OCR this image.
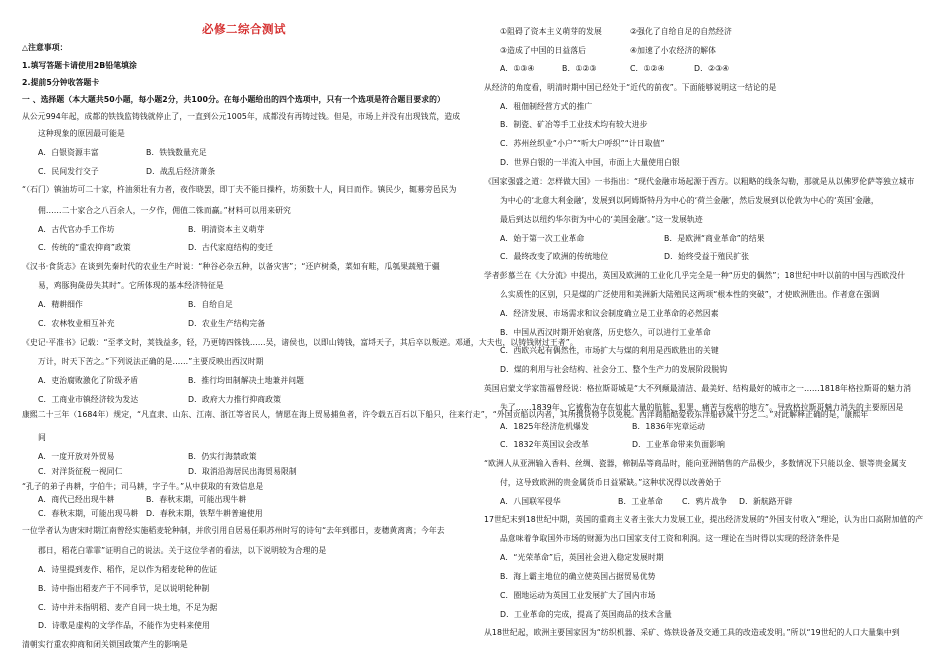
必修二综合测试
△注意事项：
1.填写答题卡请使用2B铅笔填涂
2.提前5分钟收答题卡
一 、选择题（本大题共50小题，每小题2分，共100分。在每小题给出的四个选项中，只有一个选项是符合题目要求的）
从公元994年起，成都的铁钱监铸钱就停止了，一直到公元1005年，成都没有再铸过钱。但是，市场上并没有出现钱荒，造成
这种现象的原因最可能是
A．白银资源丰富	B．铁钱数量充足
C．民间发行交子	D．战乱后经济萧条
“（石门）镇油坊可二十家，杵油须壮有力者，夜作晓罢，即丁夫不能日操杵，坊须数十人，间日而作。镇民少，辄募旁邑民为
佣……二十家合之八百余人，一夕作，佣值二铢而赢。”材料可以用来研究
A．古代官办手工作坊	B．明清资本主义萌芽
C．传统的“重农抑商”政策	D．古代家庭结构的变迁
《汉书·食货志》在谈到先秦时代的农业生产时说：“种谷必杂五种，以备灾害”；“还庐树桑，菜如有畦，瓜瓠果蔬殖于疆
易，鸡豚狗彘毋失其时”。它所体现的基本经济特征是
A．精耕细作	B．自给自足
C．农林牧业相互补充	D．农业生产结构完备
《史记·平准书》记载：“至孝文时，荚钱益多，轻，乃更铸四铢钱……吴，诸侯也，以即山铸钱，富埒天子，其后卒以叛逆。邓通，大夫也，以铸钱财过王者”。
万计，时天下苦之。”下列说法正确的是……”主要反映出西汉时期
A．吏治腐败激化了阶级矛盾	B．推行均田制解决土地兼并问题
C．工商业市镇经济较为发达	D．政府大力推行抑商政策
康熙二十三年（1684年）规定，“凡直隶、山东、江南、浙江等省民人，情愿在海上贸易捕鱼者，许令载五百石以下船只，往来行走”，“外国贡船以内者，其所携货物予以免税。西洋商船酷爱较东洋船砂减十分之二。”对此解释正确的是，康熙年
间
A．一度开放对外贸易	B．仍实行海禁政策
C．对洋货征税一视同仁	D．取消沿海居民出海贸易限制
“孔子的弟子冉耕，字伯牛；司马耕，字子牛。”从中获取的有效信息是
A．商代已经出现牛耕	B．春秋末期，可能出现牛耕
C．春秋末期，可能出现马耕 D．春秋末期，铁犁牛耕普遍使用
一位学者认为唐宋时期江南曾经实施稻麦轮种制，并欣引用自居易任职苏州时写的诗句“去年到郡日，麦穗黄离离；今年去
郡日，稻花白霏霏”证明自己的说法。关于这位学者的看法，以下说明较为合理的是
A．诗里提到麦作、稻作，足以作为稻麦轮种的佐证
B．诗中指出稻麦产于不同季节，足以说明轮种制
C．诗中并未指明稻、麦产自同一块土地，不足为据
D．诗歌是虚构的文学作品，不能作为史料来使用
清朝实行重农抑商和闭关锁国政策产生的影响是
①阻碍了资本主义萌芽的发展	②强化了自给自足的自然经济
③造成了中国的日益落后	④加速了小农经济的解体
A．①③④	B．①②③	C．①②④	D．②③④
从经济的角度看，明清时期中国已经处于“近代的前夜”。下面能够说明这一结论的是
A．租佃制经营方式的推广
B．制瓷、矿冶等手工业技术均有较大进步
C．苏州丝织业“小户”“听大户呼织”“计日取值”
D．世界白银的一半流入中国，市面上大量使用白银
《国家强盛之道：怎样做大国》一书指出：“现代金融市场起源于西方。以粗略的线条勾勒，那就是从以佛罗伦萨等独立城市
为中心的‘北意大利金融’，发展到以阿姆斯特丹为中心的‘荷兰金融’，然后发展到以伦敦为中心的‘英国’金融，
最后到达以纽约华尔街为中心的‘美国金融’。”这一发展轨迹
A．始于第一次工业革命	B．是欧洲“商业革命”的结果
C．最终改变了欧洲的传统地位	D．始终受益于殖民扩张
学者彭慕兰在《大分流》中提出，英国及欧洲的工业化几乎完全是一种“历史的偶然”；18世纪中叶以前的中国与西欧没什
么实质性的区别，只是煤的广泛使用和美洲新大陆殖民这两项“根本性的突破”，才使欧洲胜出。作者意在强调
A．经济发展、市场需求和议会制度确立是工业革命的必然因素
B．中国从西汉时期开始衰落，历史悠久，可以进行工业革命
C．西欧兴起有偶然性，市场扩大与煤的利用是西欧胜出的关键
D．煤的利用与社会结构、社会分工、整个生产力的发展阶段脱钩
英国启蒙文学家笛福曾经说：格拉斯哥城是“大不列颠最清洁、最美好、结构最好的城市之一……1818年格拉斯哥的魅力消
失了……1839年，它被称为存在如此大量的肮脏、犯罪、痛苦与疾病的地方”。导致格拉斯哥魅力消失的主要原因是
A．1825年经济危机爆发	B．1836年宪章运动
C．1832年英国议会改革	D．工业革命带来负面影响
“欧洲人从亚洲输入香料、丝绸、瓷器，棉制品等商品时，能向亚洲销售的产品极少，多数情况下只能以金、银等贵金属支
付，这导致欧洲的贵金属货币日益紧缺。”这种状况得以改善始于
A．八国联军侵华	B．工业革命 C．鸦片战争 D．新航路开辟
17世纪末到18世纪中期，英国的重商主义者主张大力发展工业，提出经济发展的“外国支付收入”理论，认为出口高附加值的产
品意味着争取国外市场的财源为出口国家支付工资和利润。这一理论在当时得以实现的经济条件是
A．“光荣革命”后，英国社会进入稳定发展时期
B．海上霸主地位的确立使英国占据贸易优势
C．圈地运动为英国工业发展扩大了国内市场
D．工业革命的完成，提高了英国商品的技术含量
从18世纪起，欧洲主要国家因为“纺织机器、采矿、炼铁设备及交通工具的改造或发明。”所以“19世纪的人口大量集中到
